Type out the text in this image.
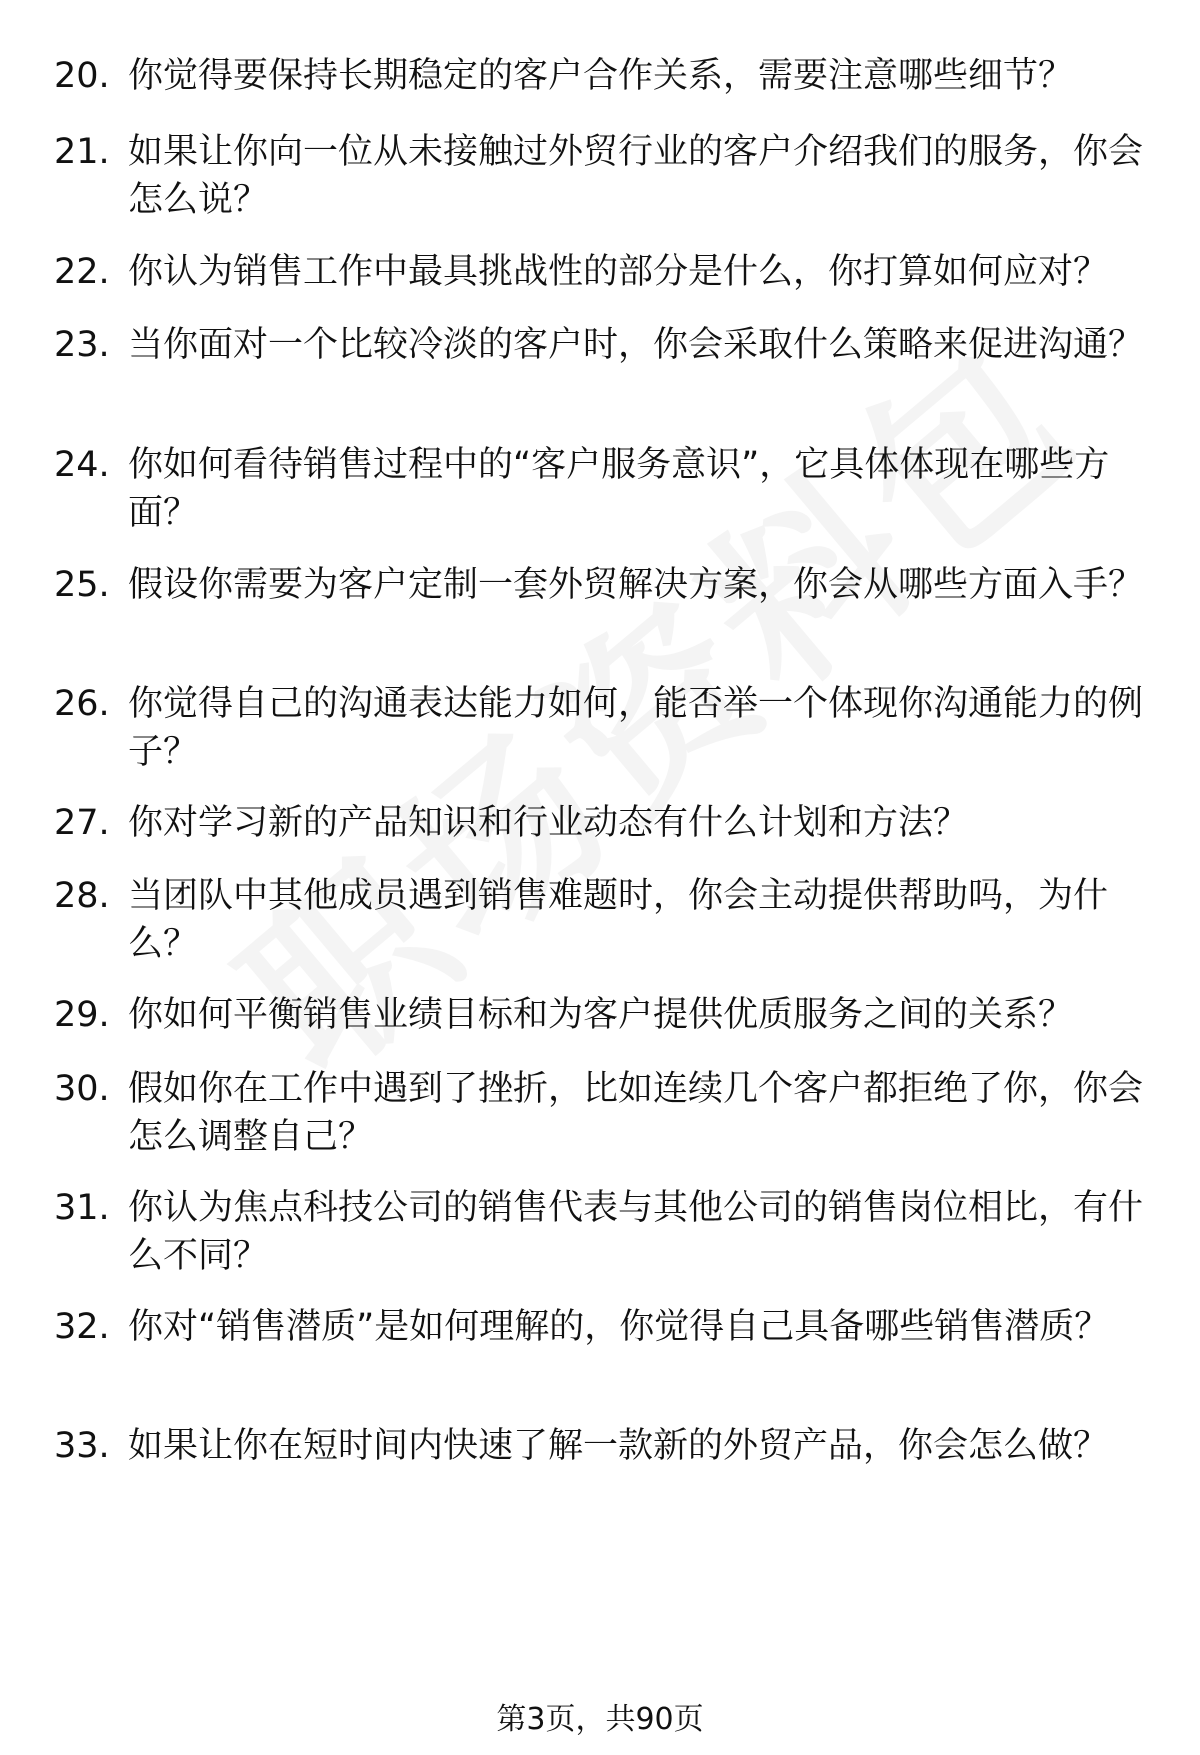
20. 你觉得要保持长期稳定的客户合作关系，需要注意哪些细节？
21. 如果让你向一位从未接触过外贸行业的客户介绍我们的服务，你会怎么说？
22. 你认为销售工作中最具挑战性的部分是什么，你打算如何应对？
23. 当你面对一个比较冷淡的客户时，你会采取什么策略来促进沟通？
24. 你如何看待销售过程中的“客户服务意识”，它具体体现在哪些方面？
25. 假设你需要为客户定制一套外贸解决方案，你会从哪些方面入手？
26. 你觉得自己的沟通表达能力如何，能否举一个体现你沟通能力的例子？
27. 你对学习新的产品知识和行业动态有什么计划和方法？
28. 当团队中其他成员遇到销售难题时，你会主动提供帮助吗，为什么？
29. 你如何平衡销售业绩目标和为客户提供优质服务之间的关系？
30. 假如你在工作中遇到了挫折，比如连续几个客户都拒绝了你，你会怎么调整自己？
31. 你认为焦点科技公司的销售代表与其他公司的销售岗位相比，有什么不同？
32. 你对“销售潜质”是如何理解的，你觉得自己具备哪些销售潜质？
33. 如果让你在短时间内快速了解一款新的外贸产品，你会怎么做？
第3页，共90页
